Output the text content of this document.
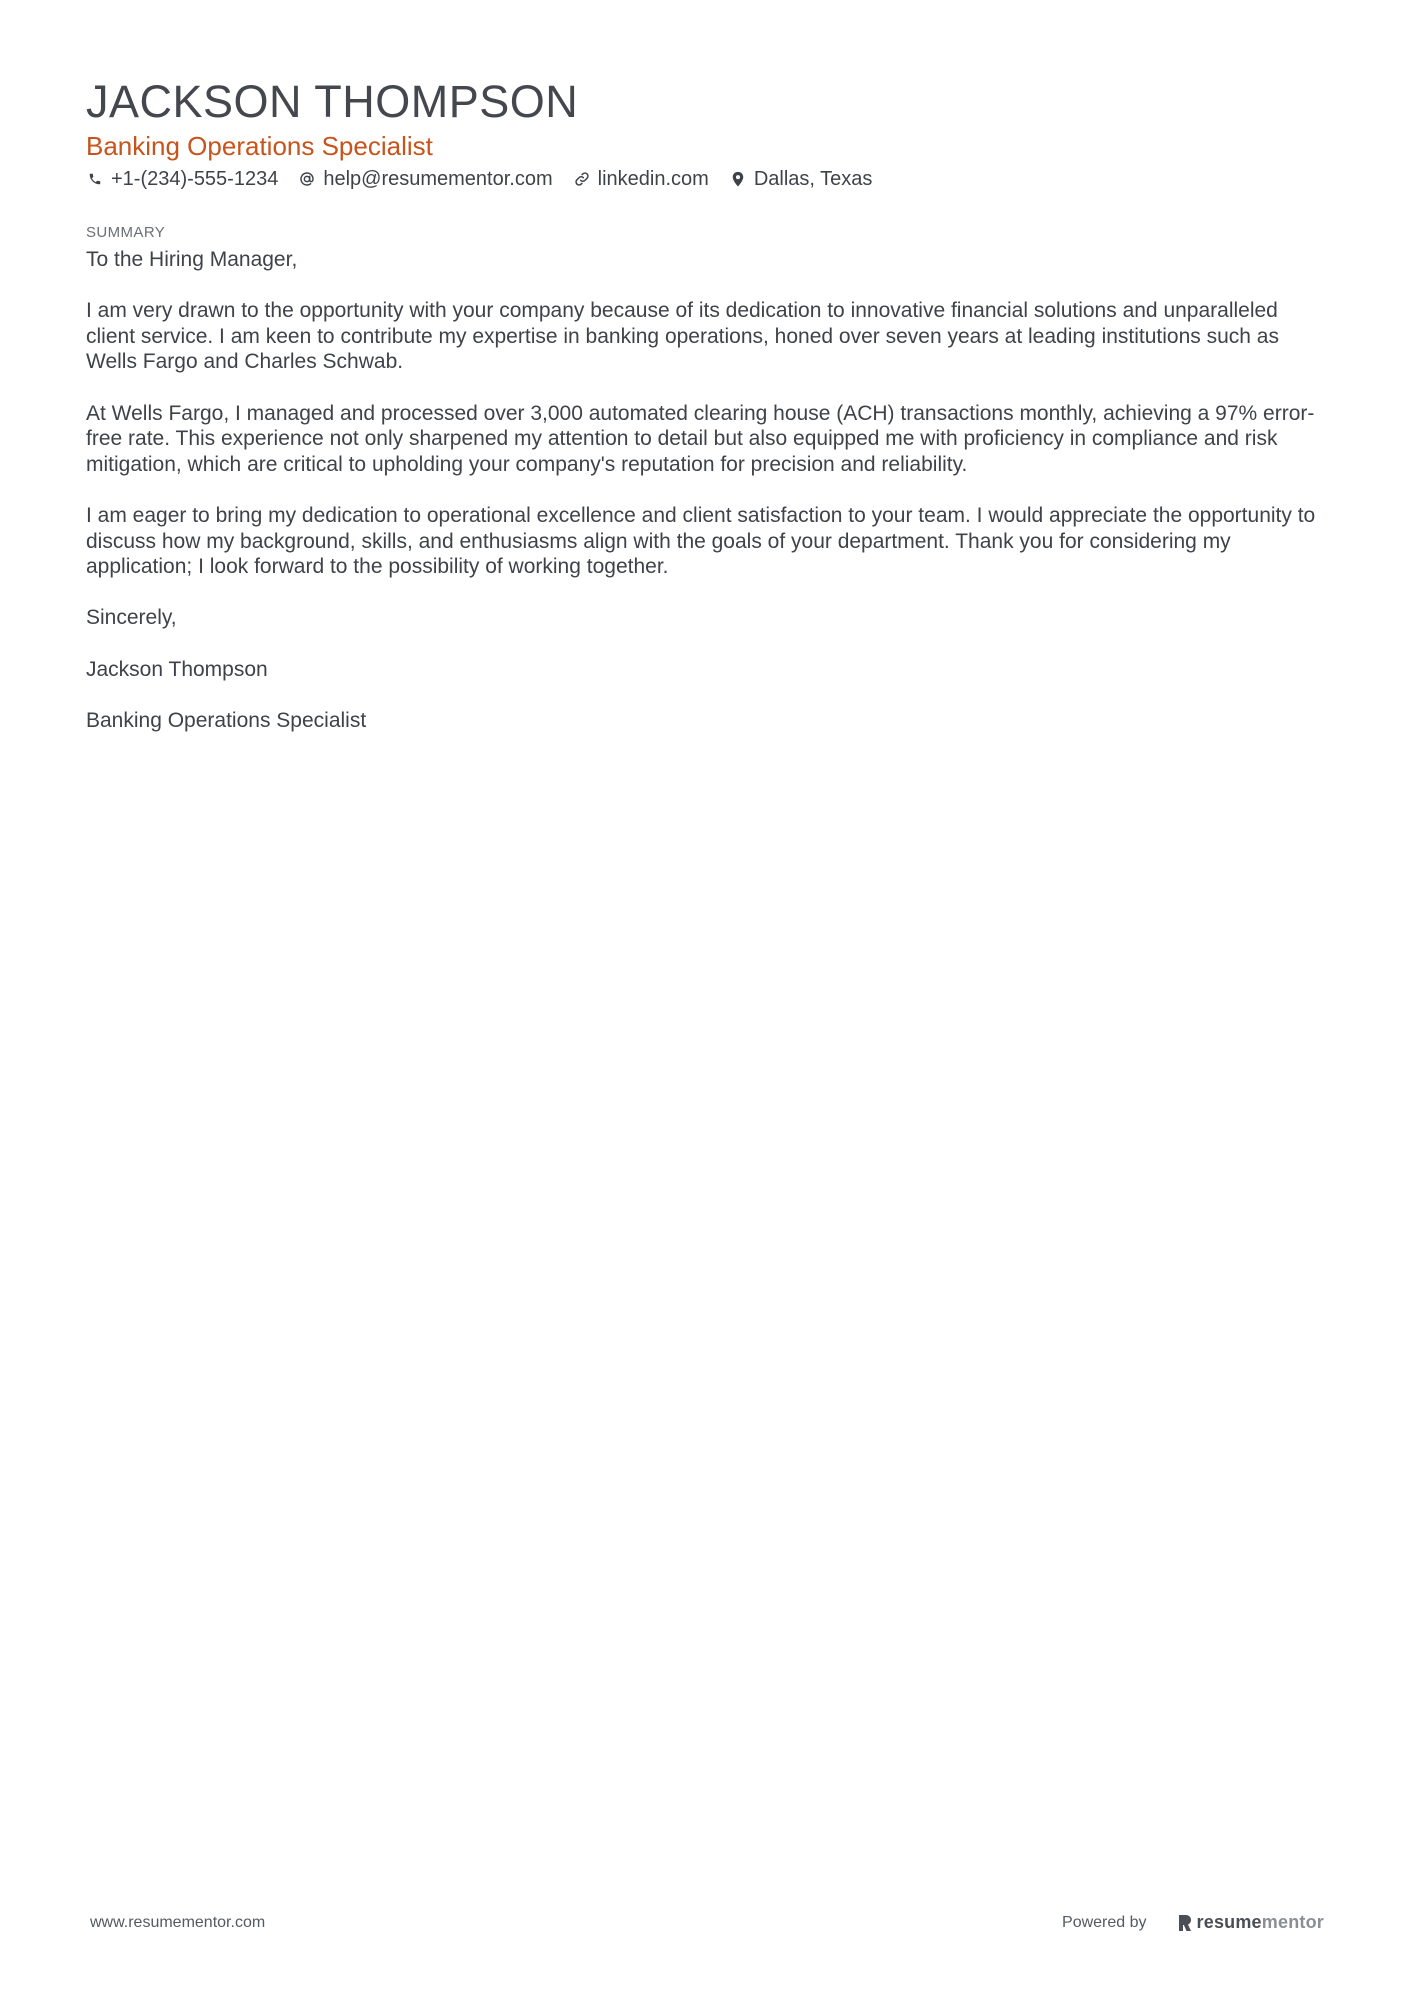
JACKSON THOMPSON
Banking Operations Specialist
+1-(234)-555-1234 help@resumementor.com linkedin.com Dallas, Texas
SUMMARY

To the Hiring Manager,

I am very drawn to the opportunity with your company because of its dedication to innovative financial solutions and unparalleled client service. I am keen to contribute my expertise in banking operations, honed over seven years at leading institutions such as Wells Fargo and Charles Schwab.

At Wells Fargo, I managed and processed over 3,000 automated clearing house (ACH) transactions monthly, achieving a 97% error-free rate. This experience not only sharpened my attention to detail but also equipped me with proficiency in compliance and risk mitigation, which are critical to upholding your company's reputation for precision and reliability.

I am eager to bring my dedication to operational excellence and client satisfaction to your team. I would appreciate the opportunity to discuss how my background, skills, and enthusiasms align with the goals of your department. Thank you for considering my application; I look forward to the possibility of working together.

Sincerely,

Jackson Thompson

Banking Operations Specialist

www.resumementor.com	Powered by	resume mentor
